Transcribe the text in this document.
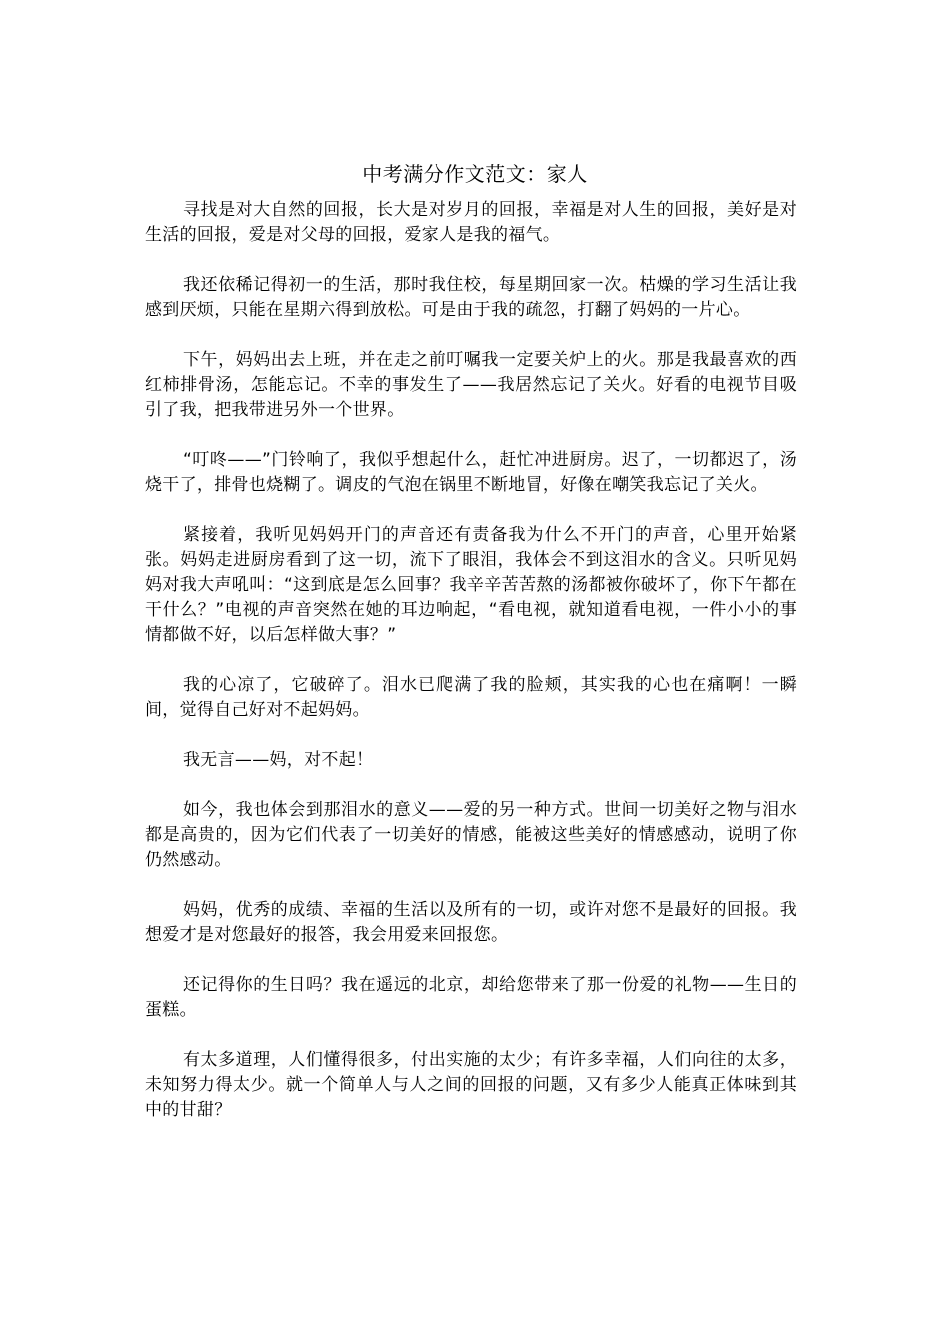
中考满分作文范文：家人

寻找是对大自然的回报，长大是对岁月的回报，幸福是对人生的回报，美好是对生活的回报，爱是对父母的回报，爱家人是我的福气。

我还依稀记得初一的生活，那时我住校，每星期回家一次。枯燥的学习生活让我感到厌烦，只能在星期六得到放松。可是由于我的疏忽，打翻了妈妈的一片心。

下午，妈妈出去上班，并在走之前叮嘱我一定要关炉上的火。那是我最喜欢的西红柿排骨汤，怎能忘记。不幸的事发生了——我居然忘记了关火。好看的电视节目吸引了我，把我带进另外一个世界。

“叮咚——”门铃响了，我似乎想起什么，赶忙冲进厨房。迟了，一切都迟了，汤烧干了，排骨也烧糊了。调皮的气泡在锅里不断地冒，好像在嘲笑我忘记了关火。

紧接着，我听见妈妈开门的声音还有责备我为什么不开门的声音，心里开始紧张。妈妈走进厨房看到了这一切，流下了眼泪，我体会不到这泪水的含义。只听见妈妈对我大声吼叫：“这到底是怎么回事？我辛辛苦苦熬的汤都被你破坏了，你下午都在干什么？”电视的声音突然在她的耳边响起，“看电视，就知道看电视，一件小小的事情都做不好，以后怎样做大事？”

我的心凉了，它破碎了。泪水已爬满了我的脸颊，其实我的心也在痛啊！一瞬间，觉得自己好对不起妈妈。

我无言——妈，对不起！

如今，我也体会到那泪水的意义——爱的另一种方式。世间一切美好之物与泪水都是高贵的，因为它们代表了一切美好的情感，能被这些美好的情感感动，说明了你仍然感动。

妈妈，优秀的成绩、幸福的生活以及所有的一切，或许对您不是最好的回报。我想爱才是对您最好的报答，我会用爱来回报您。

还记得你的生日吗？我在遥远的北京，却给您带来了那一份爱的礼物——生日的蛋糕。

有太多道理，人们懂得很多，付出实施的太少；有许多幸福，人们向往的太多，未知努力得太少。就一个简单人与人之间的回报的问题，又有多少人能真正体味到其中的甘甜？
